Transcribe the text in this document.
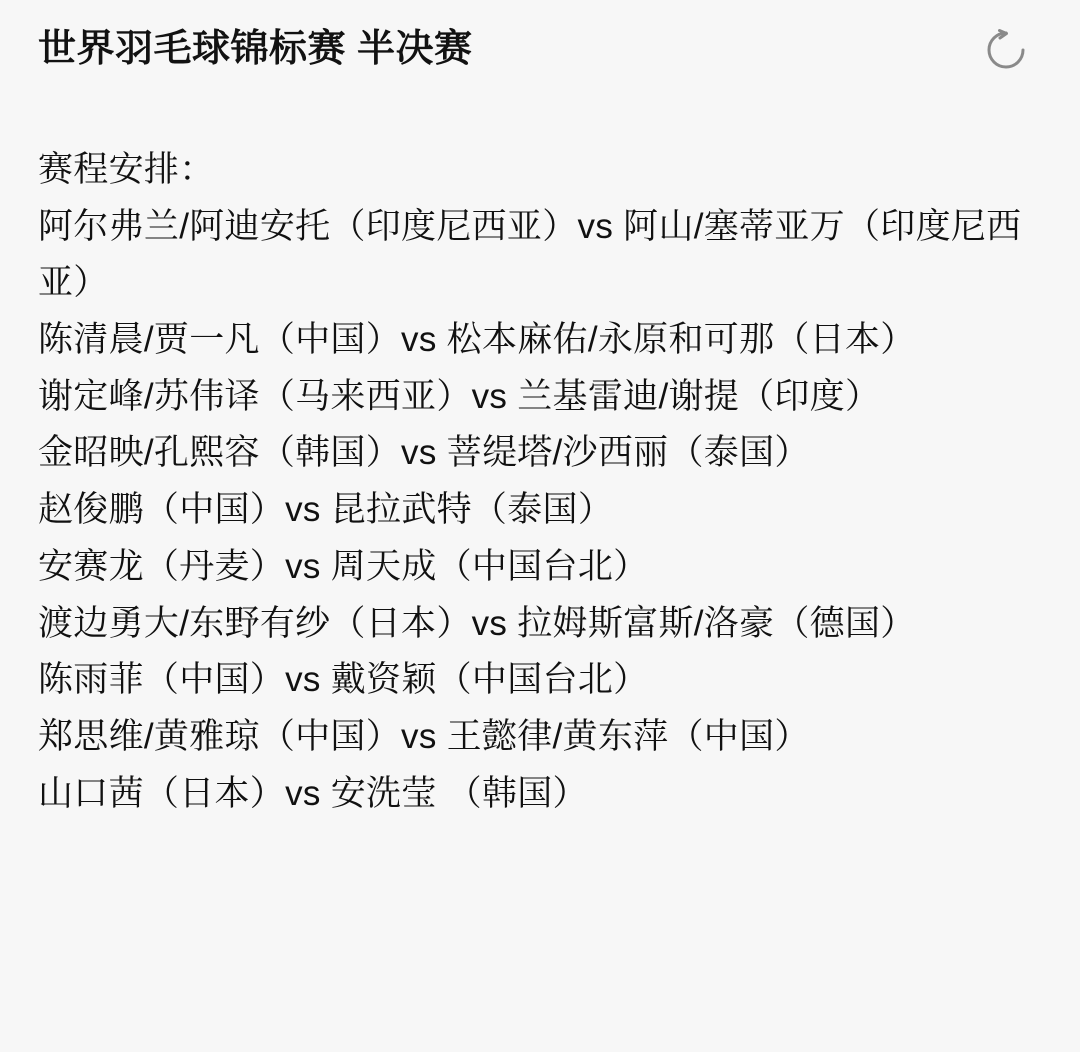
世界羽毛球锦标赛 半决赛
赛程安排：
阿尔弗兰/阿迪安托（印度尼西亚）vs 阿山/塞蒂亚万（印度尼西亚）
陈清晨/贾一凡（中国）vs 松本麻佑/永原和可那（日本）
谢定峰/苏伟译（马来西亚）vs 兰基雷迪/谢提（印度）
金昭映/孔熙容（韩国）vs 菩缇塔/沙西丽（泰国）
赵俊鹏（中国）vs 昆拉武特（泰国）
安赛龙（丹麦）vs 周天成（中国台北）
渡边勇大/东野有纱（日本）vs 拉姆斯富斯/洛豪（德国）
陈雨菲（中国）vs 戴资颖（中国台北）
郑思维/黄雅琼（中国）vs 王懿律/黄东萍（中国）
山口茜（日本）vs 安洗莹 （韩国）
